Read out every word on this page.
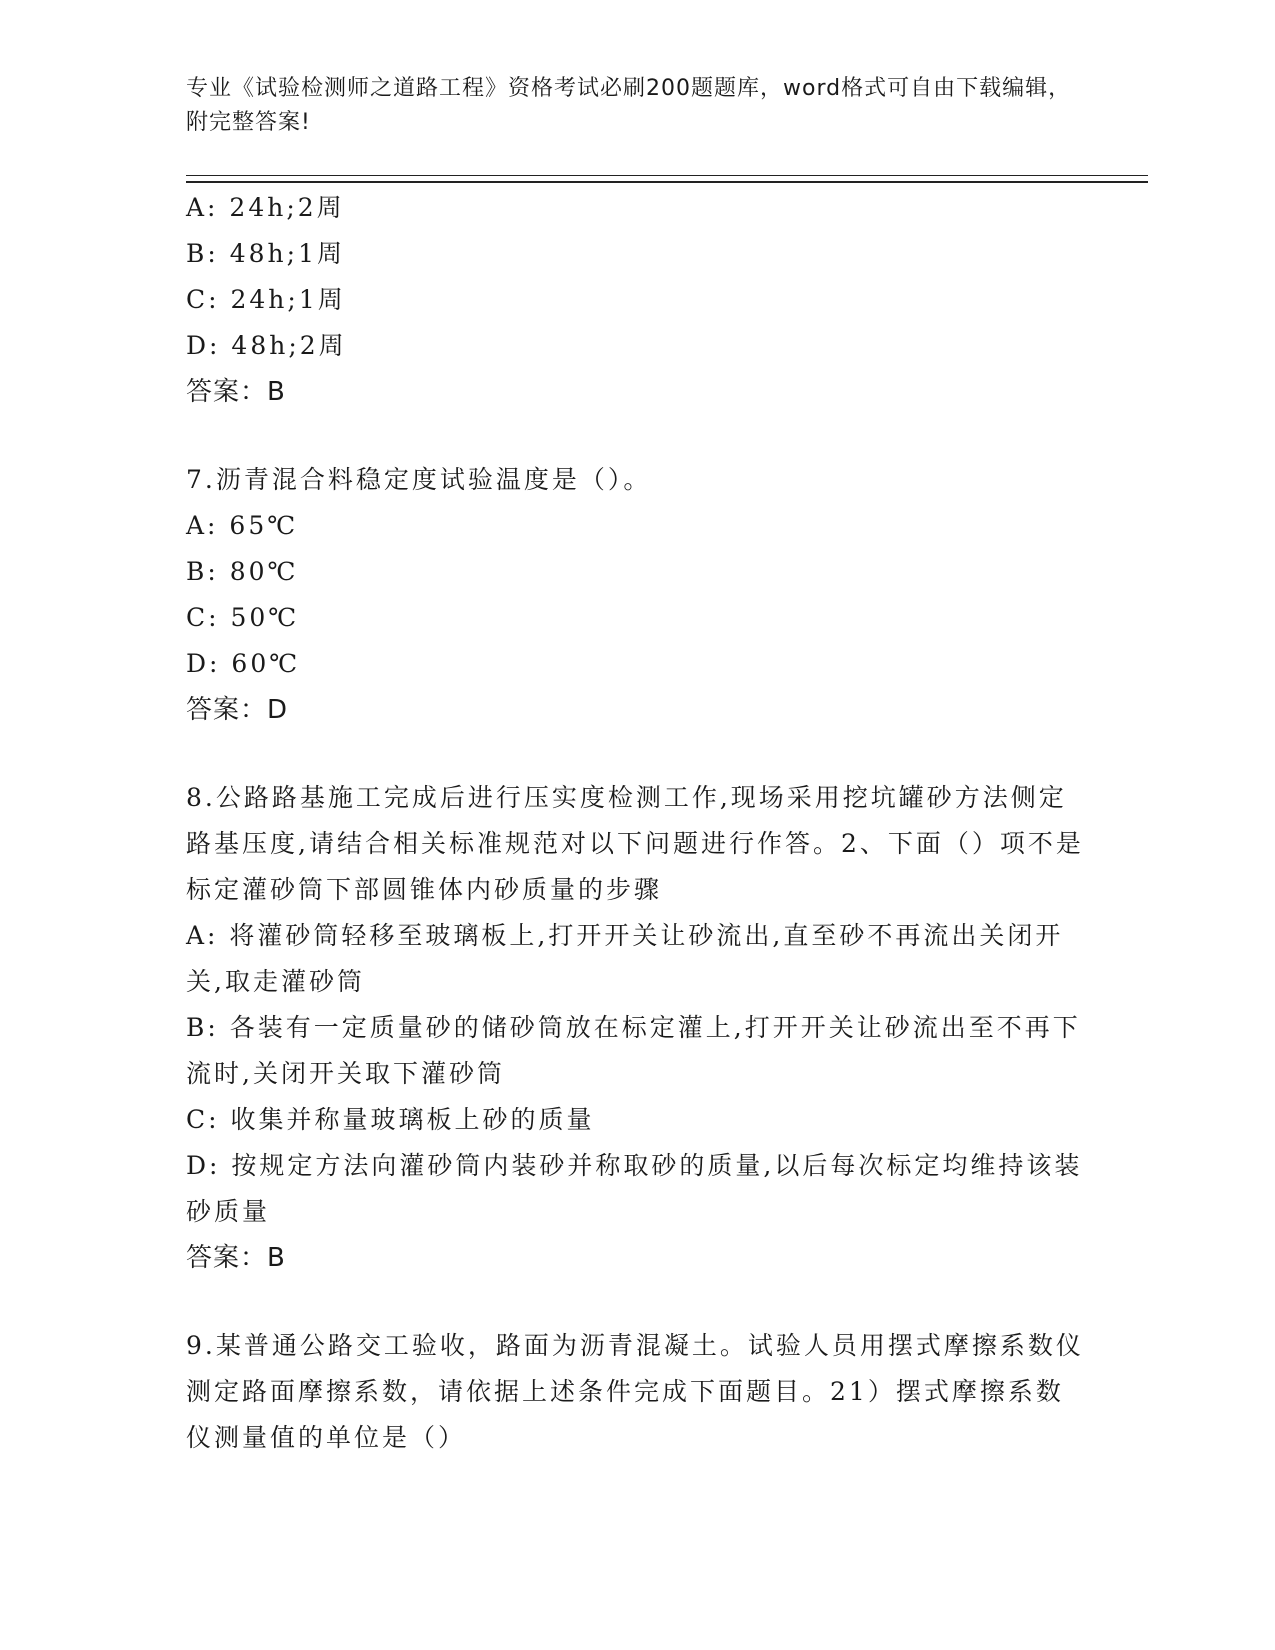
专业《试验检测师之道路工程》资格考试必刷200题题库，word格式可自由下载编辑，附完整答案!

A: 24h;2周

B: 48h;1周

C: 24h;1周

D: 48h;2周

答案：B

7.沥青混合料稳定度试验温度是（）。

A: 65℃

B: 80℃

C: 50℃

D: 60℃

答案：D

8.公路路基施工完成后进行压实度检测工作,现场采用挖坑罐砂方法侧定路基压度,请结合相关标准规范对以下问题进行作答。2、下面（）项不是标定灌砂筒下部圆锥体内砂质量的步骤

A: 将灌砂筒轻移至玻璃板上,打开开关让砂流出,直至砂不再流出关闭开关,取走灌砂筒

B: 各装有一定质量砂的储砂筒放在标定灌上,打开开关让砂流出至不再下流时,关闭开关取下灌砂筒

C: 收集并称量玻璃板上砂的质量

D: 按规定方法向灌砂筒内装砂并称取砂的质量,以后每次标定均维持该装砂质量

答案：B

9.某普通公路交工验收，路面为沥青混凝土。试验人员用摆式摩擦系数仪测定路面摩擦系数，请依据上述条件完成下面题目。21）摆式摩擦系数仪测量值的单位是（）
